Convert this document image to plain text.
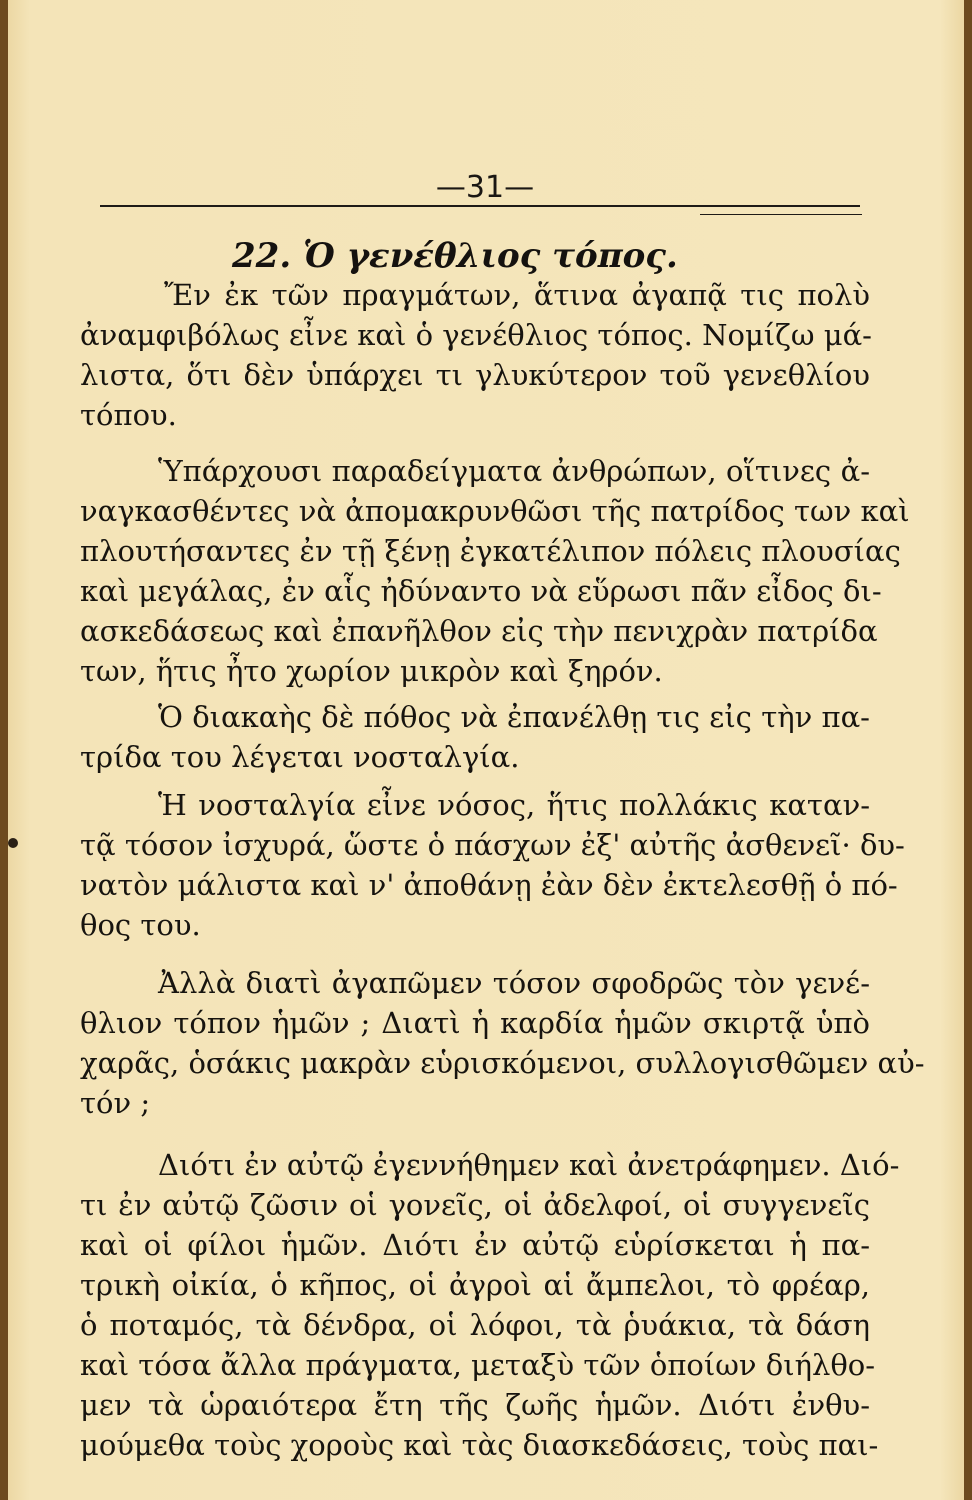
—31—
22. Ὁ γενέθλιος τόπος.

Ἔν ἐκ τῶν πραγμάτων, ἅτινα ἀγαπᾷ τις πολὺ
ἀναμφιβόλως εἶνε καὶ ὁ γενέθλιος τόπος. Νομίζω μά-
λιστα, ὅτι δὲν ὑπάρχει τι γλυκύτερον τοῦ γενεθλίου
τόπου.

Ὑπάρχουσι παραδείγματα ἀνθρώπων, οἵτινες ἀ-
ναγκασθέντες νὰ ἀπομακρυνθῶσι τῆς πατρίδος των καὶ
πλουτήσαντες ἐν τῇ ξένῃ ἐγκατέλιπον πόλεις πλουσίας
καὶ μεγάλας, ἐν αἷς ἠδύναντο νὰ εὕρωσι πᾶν εἶδος δι-
ασκεδάσεως καὶ ἐπανῆλθον εἰς τὴν πενιχρὰν πατρίδα
των, ἥτις ἦτο χωρίον μικρὸν καὶ ξηρόν.

Ὁ διακαὴς δὲ πόθος νὰ ἐπανέλθῃ τις εἰς τὴν πα-
τρίδα του λέγεται νοσταλγία.

Ἡ νοσταλγία εἶνε νόσος, ἥτις πολλάκις καταν-
τᾷ τόσον ἰσχυρά, ὥστε ὁ πάσχων ἐξ' αὐτῆς ἀσθενεῖ· δυ-
νατὸν μάλιστα καὶ ν' ἀποθάνῃ ἐὰν δὲν ἐκτελεσθῇ ὁ πό-
θος του.

Ἀλλὰ διατὶ ἀγαπῶμεν τόσον σφοδρῶς τὸν γενέ-
θλιον τόπον ἡμῶν ; Διατὶ ἡ καρδία ἡμῶν σκιρτᾷ ὑπὸ
χαρᾶς, ὁσάκις μακρὰν εὑρισκόμενοι, συλλογισθῶμεν αὐ-
τόν ;

Διότι ἐν αὐτῷ ἐγεννήθημεν καὶ ἀνετράφημεν. Διό-
τι ἐν αὐτῷ ζῶσιν οἱ γονεῖς, οἱ ἀδελφοί, οἱ συγγενεῖς
καὶ οἱ φίλοι ἡμῶν. Διότι ἐν αὐτῷ εὑρίσκεται ἡ πα-
τρικὴ οἰκία, ὁ κῆπος, οἱ ἀγροὶ αἱ ἄμπελοι, τὸ φρέαρ,
ὁ ποταμός, τὰ δένδρα, οἱ λόφοι, τὰ ῥυάκια, τὰ δάση
καὶ τόσα ἄλλα πράγματα, μεταξὺ τῶν ὁποίων διήλθο-
μεν τὰ ὡραιότερα ἔτη τῆς ζωῆς ἡμῶν. Διότι ἐνθυ-
μούμεθα τοὺς χοροὺς καὶ τὰς διασκεδάσεις, τοὺς παι-
